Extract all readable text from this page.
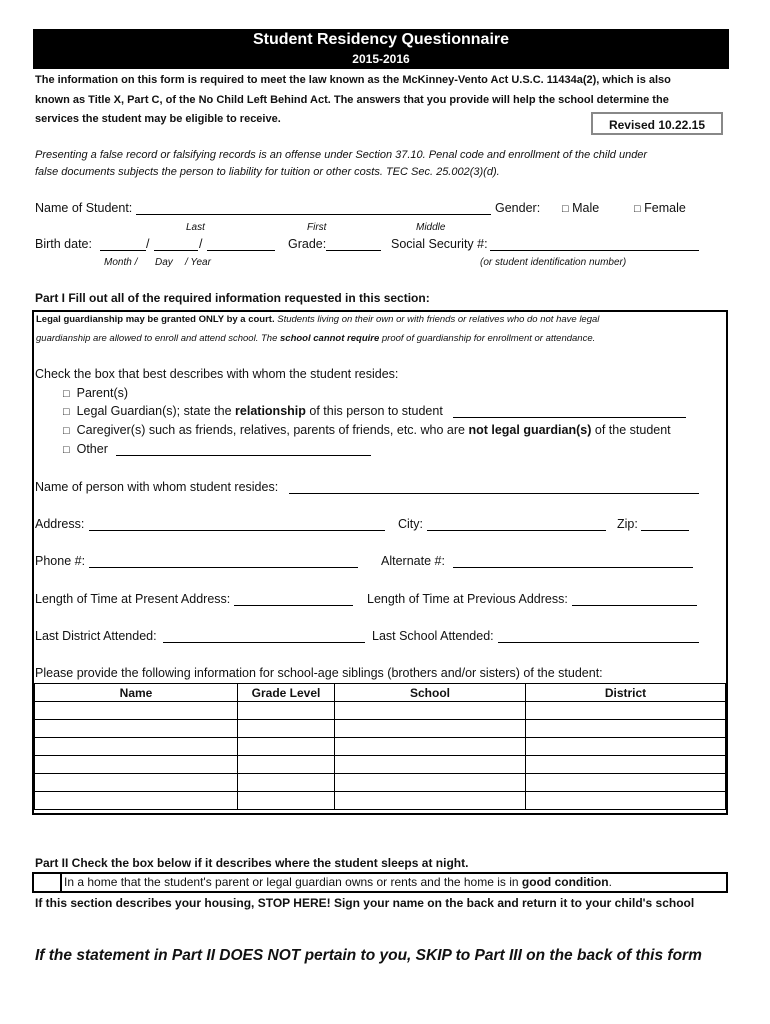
Student Residency Questionnaire
2015-2016
The information on this form is required to meet the law known as the McKinney-Vento Act U.S.C. 11434a(2), which is also
known as Title X, Part C, of the No Child Left Behind Act. The answers that you provide will help the school determine the
services the student may be eligible to receive.	Revised 10.22.15
Presenting a false record or falsifying records is an offense under Section 37.10. Penal code and enrollment of the child under
false documents subjects the person to liability for tuition or other costs. TEC Sec. 25.002(3)(d).
Name of Student:	Gender: □ Male	□ Female
Last	First	Middle
Birth date:	/	/	Grade:	Social Security #:
Month / Day / Year	(or student identification number)
Part I Fill out all of the required information requested in this section:
Legal guardianship may be granted ONLY by a court. Students living on their own or with friends or relatives who do not have legal
guardianship are allowed to enroll and attend school. The school cannot require proof of guardianship for enrollment or attendance.
Check the box that best describes with whom the student resides:
□ Parent(s)
□ Legal Guardian(s); state the relationship of this person to student
□ Caregiver(s) such as friends, relatives, parents of friends, etc. who are not legal guardian(s) of the student
□ Other
Name of person with whom student resides:
Address:	City:	Zip:
Phone #:	Alternate #:
Length of Time at Present Address:	Length of Time at Previous Address:
Last District Attended:	Last School Attended:
Please provide the following information for school-age siblings (brothers and/or sisters) of the student:
Name	Grade Level	School	District

Part II Check the box below if it describes where the student sleeps at night.
In a home that the student's parent or legal guardian owns or rents and the home is in good condition.
If this section describes your housing, STOP HERE! Sign your name on the back and return it to your child's school
If the statement in Part II DOES NOT pertain to you, SKIP to Part III on the back of this form
